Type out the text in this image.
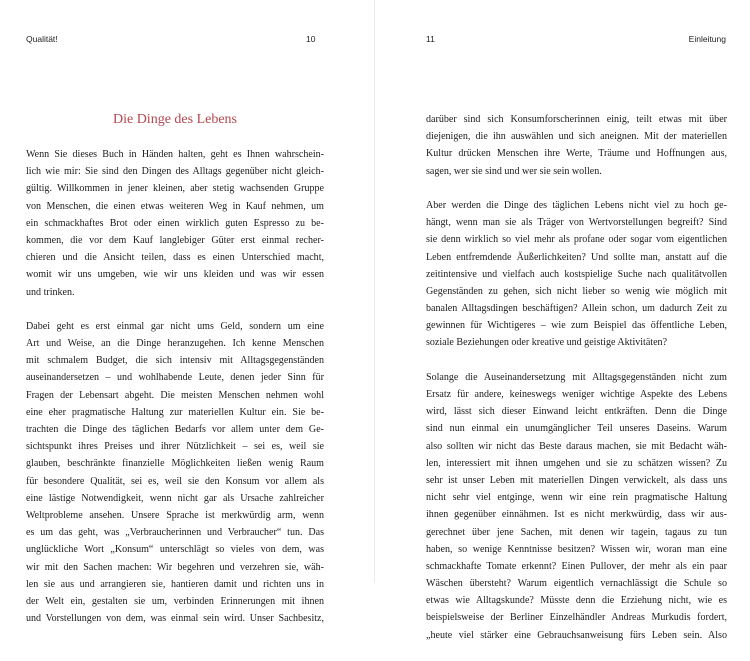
Qualität!	10
Die Dinge des Lebens
Wenn Sie dieses Buch in Händen halten, geht es Ihnen wahrschein-
lich wie mir: Sie sind den Dingen des Alltags gegenüber nicht gleich-
gültig. Willkommen in jener kleinen, aber stetig wachsenden Gruppe
von Menschen, die einen etwas weiteren Weg in Kauf nehmen, um
ein schmackhaftes Brot oder einen wirklich guten Espresso zu be-
kommen, die vor dem Kauf langlebiger Güter erst einmal recher-
chieren und die Ansicht teilen, dass es einen Unterschied macht,
womit wir uns umgeben, wie wir uns kleiden und was wir essen
und trinken.
Dabei geht es erst einmal gar nicht ums Geld, sondern um eine
Art und Weise, an die Dinge heranzugehen. Ich kenne Menschen
mit schmalem Budget, die sich intensiv mit Alltagsgegenständen
auseinandersetzen – und wohlhabende Leute, denen jeder Sinn für
Fragen der Lebensart abgeht. Die meisten Menschen nehmen wohl
eine eher pragmatische Haltung zur materiellen Kultur ein. Sie be-
trachten die Dinge des täglichen Bedarfs vor allem unter dem Ge-
sichtspunkt ihres Preises und ihrer Nützlichkeit – sei es, weil sie
glauben, beschränkte finanzielle Möglichkeiten ließen wenig Raum
für besondere Qualität, sei es, weil sie den Konsum vor allem als
eine lästige Notwendigkeit, wenn nicht gar als Ursache zahlreicher
Weltprobleme ansehen. Unsere Sprache ist merkwürdig arm, wenn
es um das geht, was „Verbraucherinnen und Verbraucher“ tun. Das
unglückliche Wort „Konsum“ unterschlägt so vieles von dem, was
wir mit den Sachen machen: Wir begehren und verzehren sie, wäh-
len sie aus und arrangieren sie, hantieren damit und richten uns in
der Welt ein, gestalten sie um, verbinden Erinnerungen mit ihnen
und Vorstellungen von dem, was einmal sein wird. Unser Sachbesitz,
11	Einleitung
darüber sind sich Konsumforscherinnen einig, teilt etwas mit über
diejenigen, die ihn auswählen und sich aneignen. Mit der materiellen
Kultur drücken Menschen ihre Werte, Träume und Hoffnungen aus,
sagen, wer sie sind und wer sie sein wollen.
Aber werden die Dinge des täglichen Lebens nicht viel zu hoch ge-
hängt, wenn man sie als Träger von Wertvorstellungen begreift? Sind
sie denn wirklich so viel mehr als profane oder sogar vom eigentlichen
Leben entfremdende Äußerlichkeiten? Und sollte man, anstatt auf die
zeitintensive und vielfach auch kostspielige Suche nach qualitätvollen
Gegenständen zu gehen, sich nicht lieber so wenig wie möglich mit
banalen Alltagsdingen beschäftigen? Allein schon, um dadurch Zeit zu
gewinnen für Wichtigeres – wie zum Beispiel das öffentliche Leben,
soziale Beziehungen oder kreative und geistige Aktivitäten?
Solange die Auseinandersetzung mit Alltagsgegenständen nicht zum
Ersatz für andere, keineswegs weniger wichtige Aspekte des Lebens
wird, lässt sich dieser Einwand leicht entkräften. Denn die Dinge
sind nun einmal ein unumgänglicher Teil unseres Daseins. Warum
also sollten wir nicht das Beste daraus machen, sie mit Bedacht wäh-
len, interessiert mit ihnen umgehen und sie zu schätzen wissen? Zu
sehr ist unser Leben mit materiellen Dingen verwickelt, als dass uns
nicht sehr viel entginge, wenn wir eine rein pragmatische Haltung
ihnen gegenüber einnähmen. Ist es nicht merkwürdig, dass wir aus-
gerechnet über jene Sachen, mit denen wir tagein, tagaus zu tun
haben, so wenige Kenntnisse besitzen? Wissen wir, woran man eine
schmackhafte Tomate erkennt? Einen Pullover, der mehr als ein paar
Wäschen übersteht? Warum eigentlich vernachlässigt die Schule so
etwas wie Alltagskunde? Müsste denn die Erziehung nicht, wie es
beispielsweise der Berliner Einzelhändler Andreas Murkudis fordert,
„heute viel stärker eine Gebrauchsanweisung fürs Leben sein. Also
